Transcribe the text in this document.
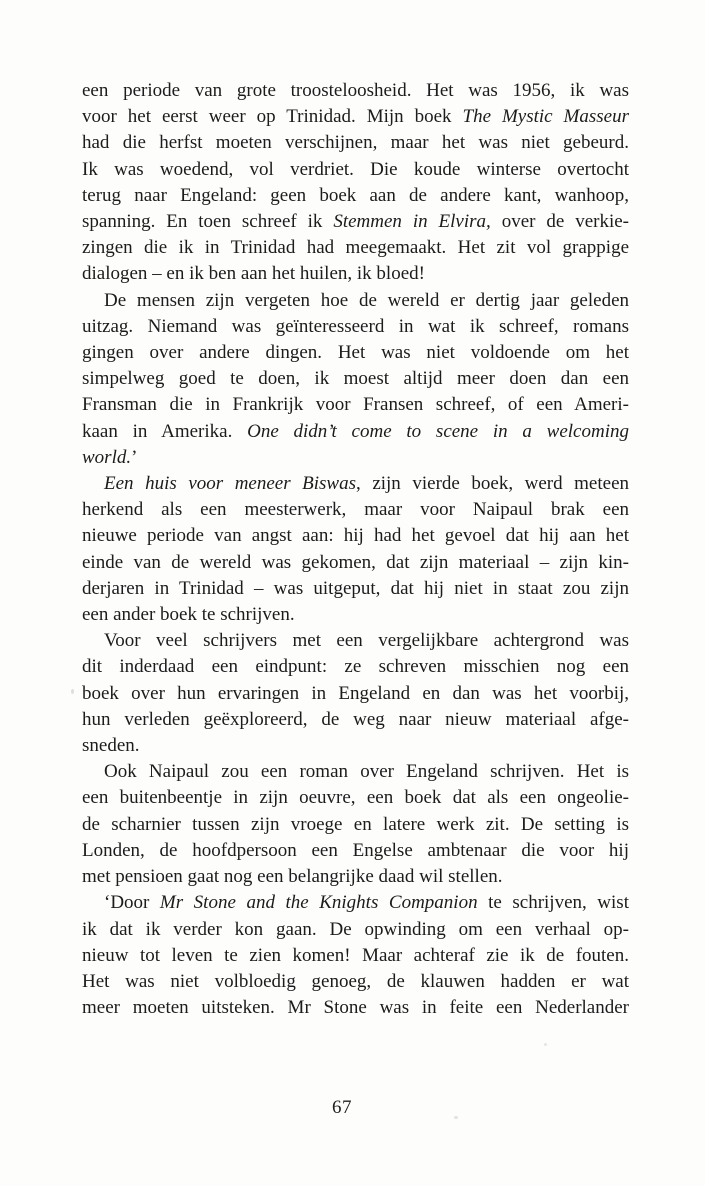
een periode van grote troosteloosheid. Het was 1956, ik was
voor het eerst weer op Trinidad. Mijn boek The Mystic Masseur
had die herfst moeten verschijnen, maar het was niet gebeurd.
Ik was woedend, vol verdriet. Die koude winterse overtocht
terug naar Engeland: geen boek aan de andere kant, wanhoop,
spanning. En toen schreef ik Stemmen in Elvira, over de verkie-
zingen die ik in Trinidad had meegemaakt. Het zit vol grappige
dialogen – en ik ben aan het huilen, ik bloed!
De mensen zijn vergeten hoe de wereld er dertig jaar geleden
uitzag. Niemand was geïnteresseerd in wat ik schreef, romans
gingen over andere dingen. Het was niet voldoende om het
simpelweg goed te doen, ik moest altijd meer doen dan een
Fransman die in Frankrijk voor Fransen schreef, of een Ameri-
kaan in Amerika. One didn’t come to scene in a welcoming
world.’
Een huis voor meneer Biswas, zijn vierde boek, werd meteen
herkend als een meesterwerk, maar voor Naipaul brak een
nieuwe periode van angst aan: hij had het gevoel dat hij aan het
einde van de wereld was gekomen, dat zijn materiaal – zijn kin-
derjaren in Trinidad – was uitgeput, dat hij niet in staat zou zijn
een ander boek te schrijven.
Voor veel schrijvers met een vergelijkbare achtergrond was
dit inderdaad een eindpunt: ze schreven misschien nog een
boek over hun ervaringen in Engeland en dan was het voorbij,
hun verleden geëxploreerd, de weg naar nieuw materiaal afge-
sneden.
Ook Naipaul zou een roman over Engeland schrijven. Het is
een buitenbeentje in zijn oeuvre, een boek dat als een ongeolie-
de scharnier tussen zijn vroege en latere werk zit. De setting is
Londen, de hoofdpersoon een Engelse ambtenaar die voor hij
met pensioen gaat nog een belangrijke daad wil stellen.
‘Door Mr Stone and the Knights Companion te schrijven, wist
ik dat ik verder kon gaan. De opwinding om een verhaal op-
nieuw tot leven te zien komen! Maar achteraf zie ik de fouten.
Het was niet volbloedig genoeg, de klauwen hadden er wat
meer moeten uitsteken. Mr Stone was in feite een Nederlander
67
